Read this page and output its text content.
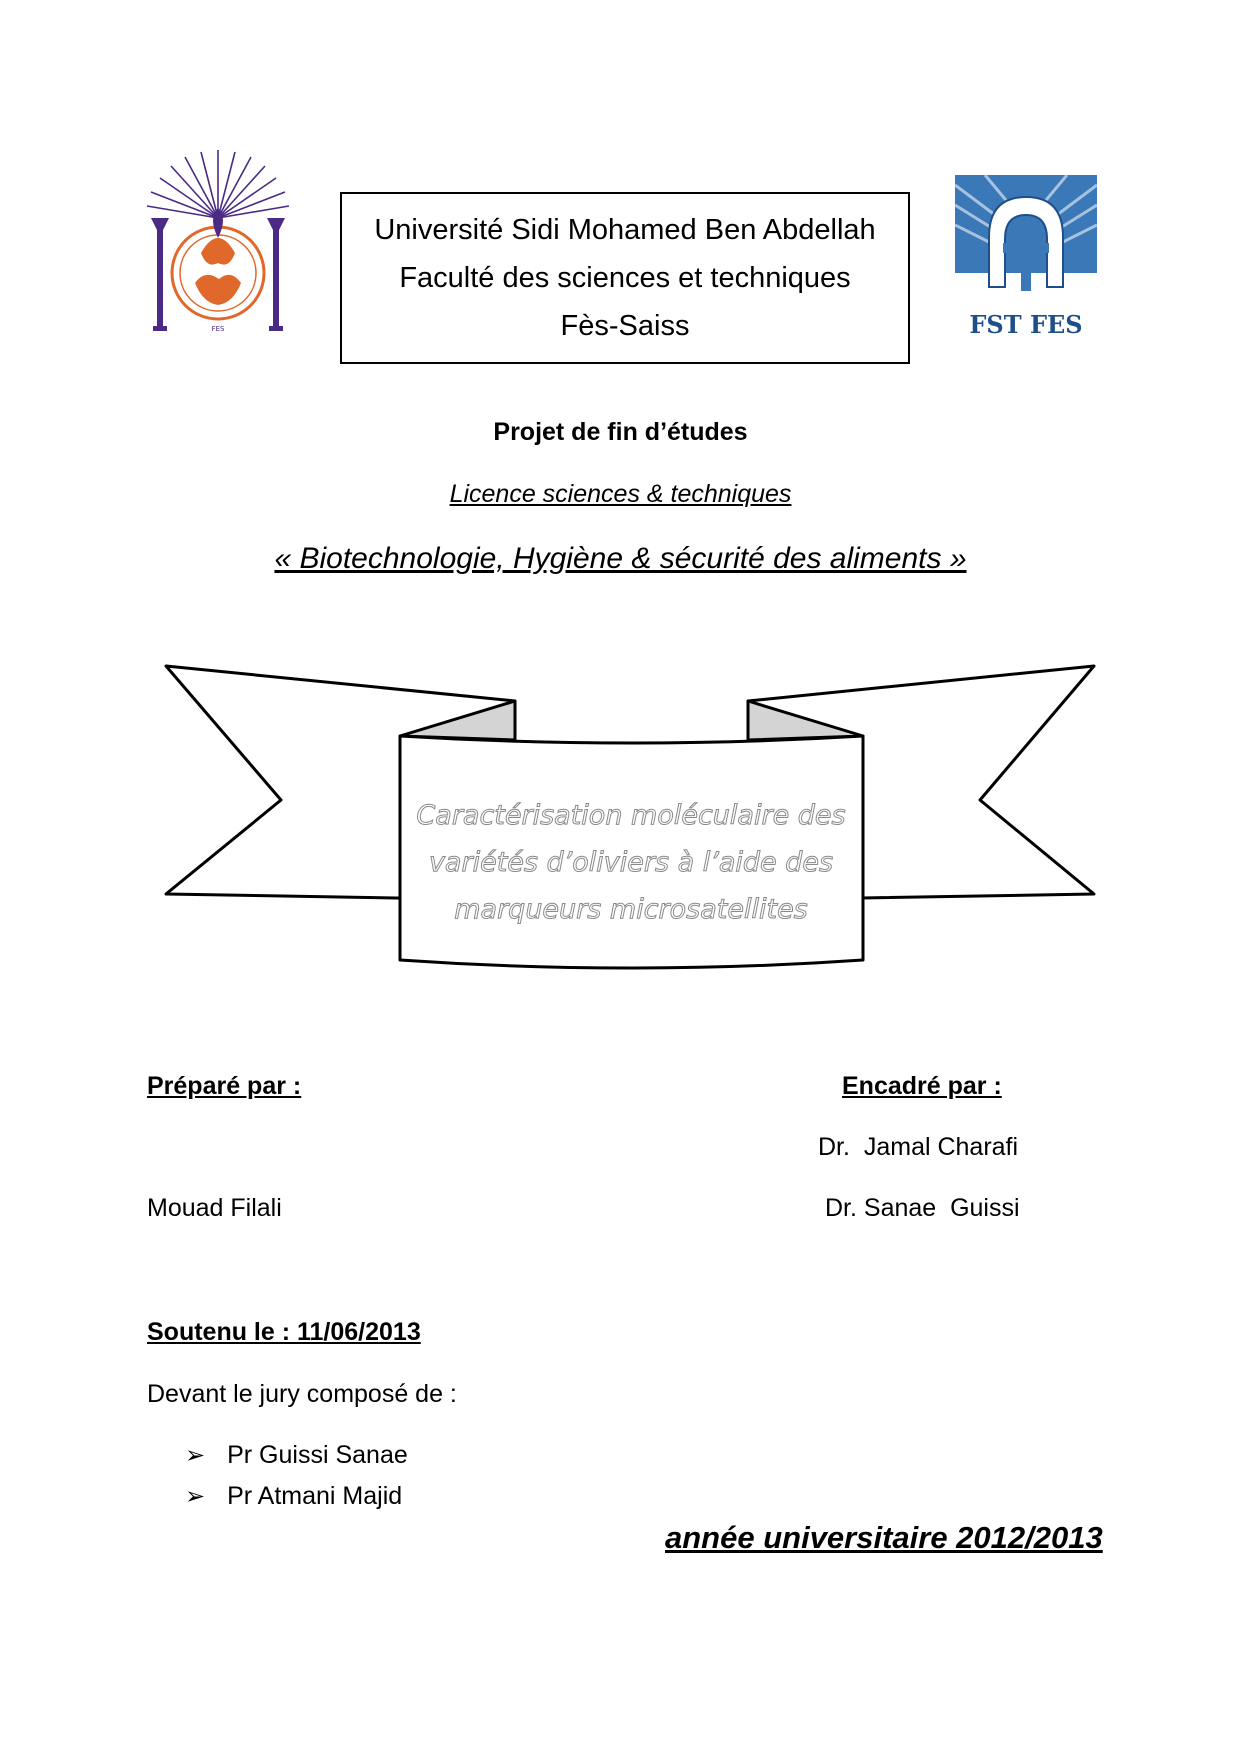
FES
Université Sidi Mohamed Ben Abdellah
Faculté des sciences et techniques
Fès-Saiss	FST FES
Projet de fin d’études
Licence sciences & techniques
« Biotechnologie, Hygiène & sécurité des aliments »
Caractérisation moléculaire des
variétés d’oliviers à l’aide des
marqueurs microsatellites
Préparé par :	Encadré par :
Dr.  Jamal Charafi
Dr. Sanae  Guissi
Mouad Filali
Soutenu le : 11/06/2013
Devant le jury composé de :
➢ Pr Guissi Sanae
➢ Pr Atmani Majid
année universitaire 2012/2013
